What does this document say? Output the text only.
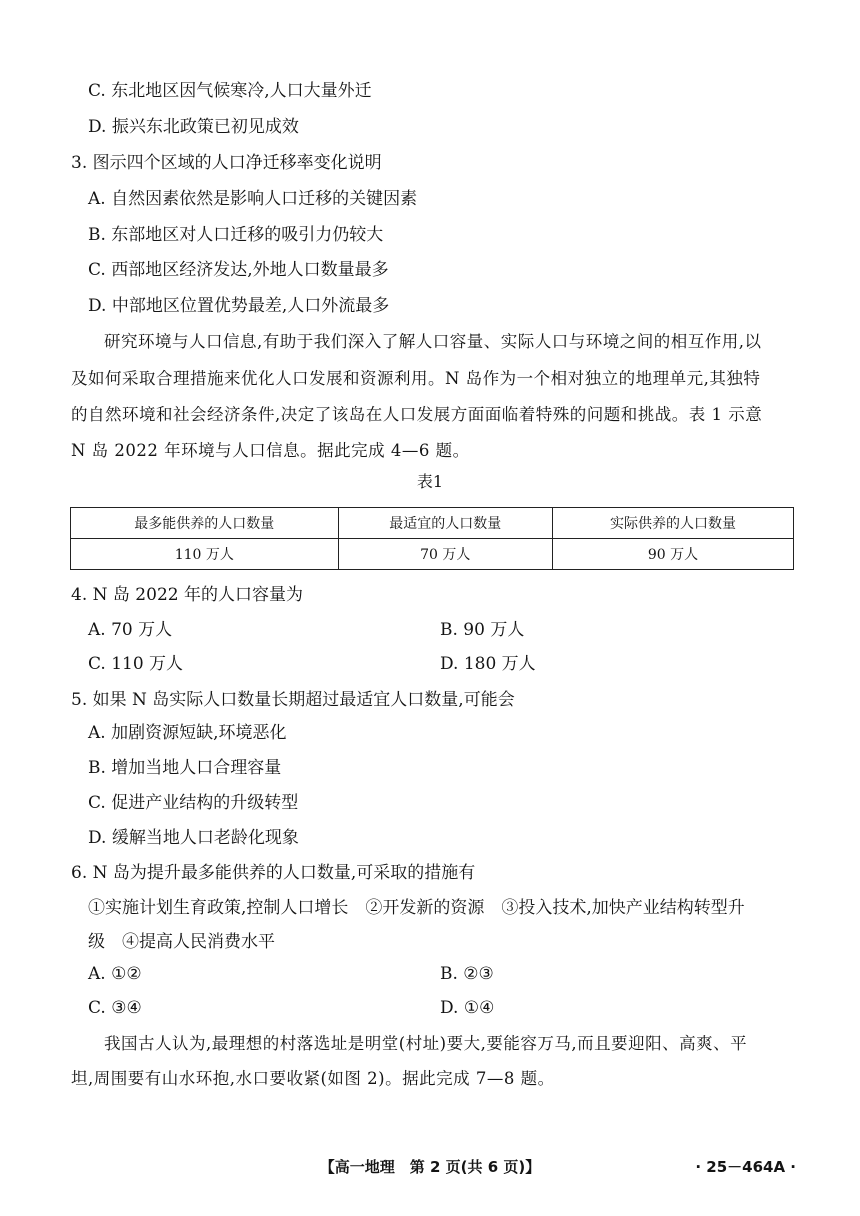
C. 东北地区因气候寒冷,人口大量外迁
D. 振兴东北政策已初见成效
3. 图示四个区域的人口净迁移率变化说明
A. 自然因素依然是影响人口迁移的关键因素
B. 东部地区对人口迁移的吸引力仍较大
C. 西部地区经济发达,外地人口数量最多
D. 中部地区位置优势最差,人口外流最多
研究环境与人口信息,有助于我们深入了解人口容量、实际人口与环境之间的相互作用,以
及如何采取合理措施来优化人口发展和资源利用。N 岛作为一个相对独立的地理单元,其独特
的自然环境和社会经济条件,决定了该岛在人口发展方面面临着特殊的问题和挑战。表 1 示意
N 岛 2022 年环境与人口信息。据此完成 4—6 题。
表1
最多能供养的人口数量	最适宜的人口数量	实际供养的人口数量
110 万人	70 万人	90 万人
4. N 岛 2022 年的人口容量为
A. 70 万人	B. 90 万人
C. 110 万人	D. 180 万人
5. 如果 N 岛实际人口数量长期超过最适宜人口数量,可能会
A. 加剧资源短缺,环境恶化
B. 增加当地人口合理容量
C. 促进产业结构的升级转型
D. 缓解当地人口老龄化现象
6. N 岛为提升最多能供养的人口数量,可采取的措施有
①实施计划生育政策,控制人口增长　②开发新的资源　③投入技术,加快产业结构转型升
级　④提高人民消费水平
A. ①②	B. ②③
C. ③④	D. ①④
我国古人认为,最理想的村落选址是明堂(村址)要大,要能容万马,而且要迎阳、高爽、平
坦,周围要有山水环抱,水口要收紧(如图 2)。据此完成 7—8 题。
【高一地理　第 2 页(共 6 页)】	· 25－464A ·
